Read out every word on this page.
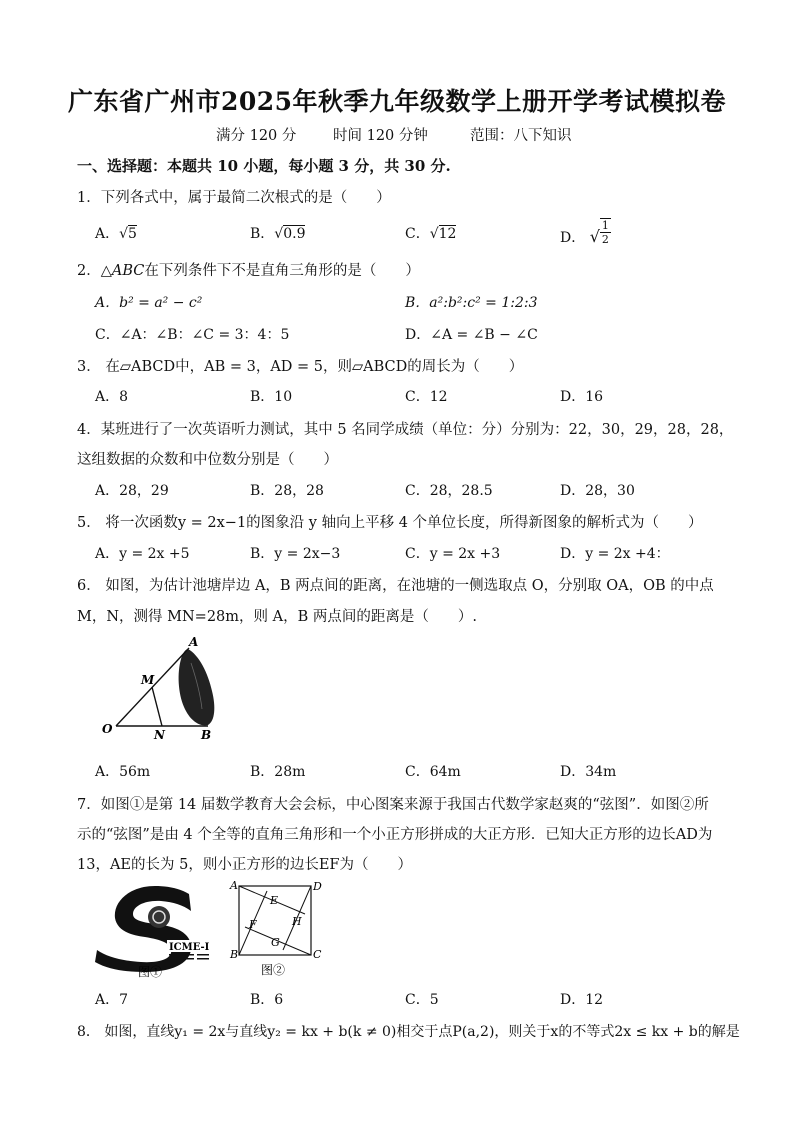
广东省广州市2025年秋季九年级数学上册开学考试模拟卷
满分 120 分	时间 120 分钟	范围：八下知识
一、选择题：本题共 10 小题，每小题 3 分，共 30 分.
1．下列各式中，属于最简二次根式的是（　　）
A．√5	B．√0.9	C．√12	D． √ $\frac{1}{2}$
2．△ABC在下列条件下不是直角三角形的是（　　）
A．b² = a² − c²	B．a²:b²:c² = 1:2:3
C．∠A：∠B：∠C = 3：4：5	D．∠A = ∠B − ∠C
3． 在▱ABCD中，AB = 3，AD = 5，则▱ABCD的周长为（　　）
A．8	B．10	C．12	D．16
4．某班进行了一次英语听力测试，其中 5 名同学成绩（单位：分）分别为：22，30，29，28，28，
这组数据的众数和中位数分别是（　　）
A．28，29	B．28，28	C．28，28.5	D．28，30
5． 将一次函数y = 2x−1的图象沿 y 轴向上平移 4 个单位长度，所得新图象的解析式为（　　）
A．y = 2x +5	B．y = 2x−3	C．y = 2x +3	D．y = 2x +4：
6． 如图，为估计池塘岸边 A，B 两点间的距离，在池塘的一侧选取点 O，分别取 OA，OB 的中点
M，N，测得 MN=28m，则 A，B 两点间的距离是（　　）.
A
M
O	N	B
A．56m	B．28m	C．64m	D．34m
7．如图①是第 14 届数学教育大会会标，中心图案来源于我国古代数学家赵爽的“弦图”．如图②所
示的“弦图”是由 4 个全等的直角三角形和一个小正方形拼成的大正方形．已知大正方形的边长AD为
13，AE的长为 5，则小正方形的边长EF为（　　）
ICME-I
图①
A	D
E
F	H
G
B	C
图②
A．7	B．6	C．5	D．12
8． 如图，直线y₁ = 2x与直线y₂ = kx + b(k ≠ 0)相交于点P(a,2)，则关于x的不等式2x ≤ kx + b的解是
